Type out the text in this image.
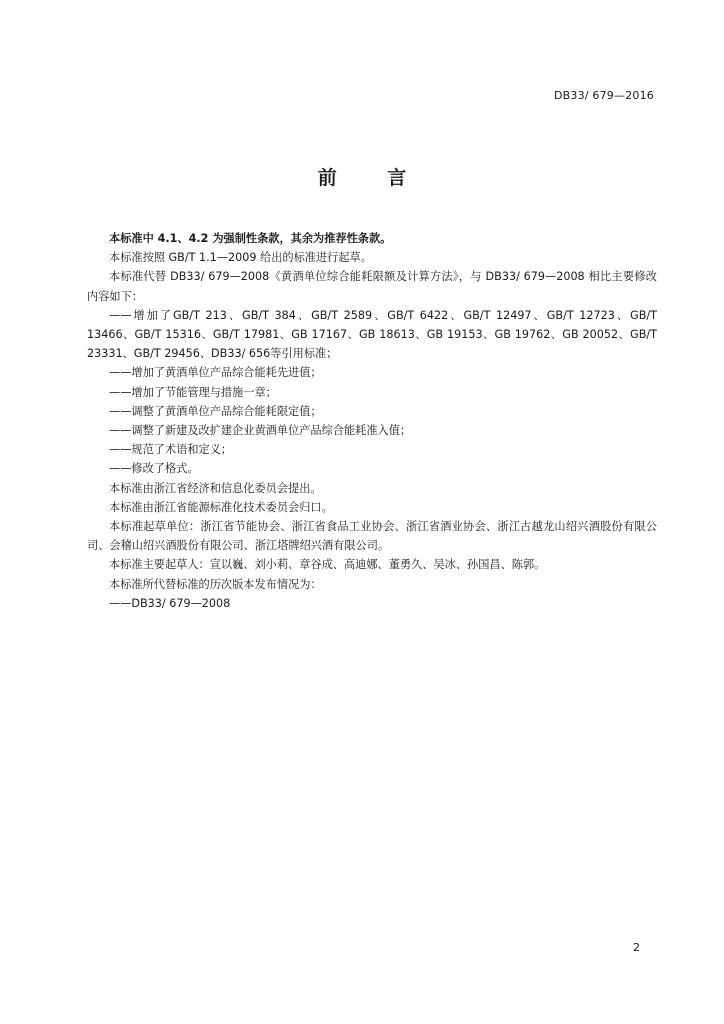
DB33/ 679—2016
前 言

本标准中 4.1、4.2 为强制性条款，其余为推荐性条款。

本标准按照 GB/T 1.1—2009 给出的标准进行起草。

本标准代替 DB33/ 679—2008《黄酒单位综合能耗限额及计算方法》，与 DB33/ 679—2008 相比主要修改内容如下：

——增加了GB/T 213、GB/T 384、GB/T 2589、GB/T 6422、GB/T 12497、GB/T 12723、GB/T 13466、GB/T 15316、GB/T 17981、GB 17167、GB 18613、GB 19153、GB 19762、GB 20052、GB/T 23331、GB/T 29456、DB33/ 656等引用标准；

——增加了黄酒单位产品综合能耗先进值；

——增加了节能管理与措施一章；

——调整了黄酒单位产品综合能耗限定值；

——调整了新建及改扩建企业黄酒单位产品综合能耗准入值；

——规范了术语和定义；

——修改了格式。

本标准由浙江省经济和信息化委员会提出。

本标准由浙江省能源标准化技术委员会归口。

本标准起草单位：浙江省节能协会、浙江省食品工业协会、浙江省酒业协会、浙江古越龙山绍兴酒股份有限公司、会稽山绍兴酒股份有限公司、浙江塔牌绍兴酒有限公司。

本标准主要起草人：宣以巍、刘小莉、章谷成、高迪娜、董勇久、吴冰、孙国昌、陈郭。

本标准所代替标准的历次版本发布情况为：

——DB33/ 679—2008

2
